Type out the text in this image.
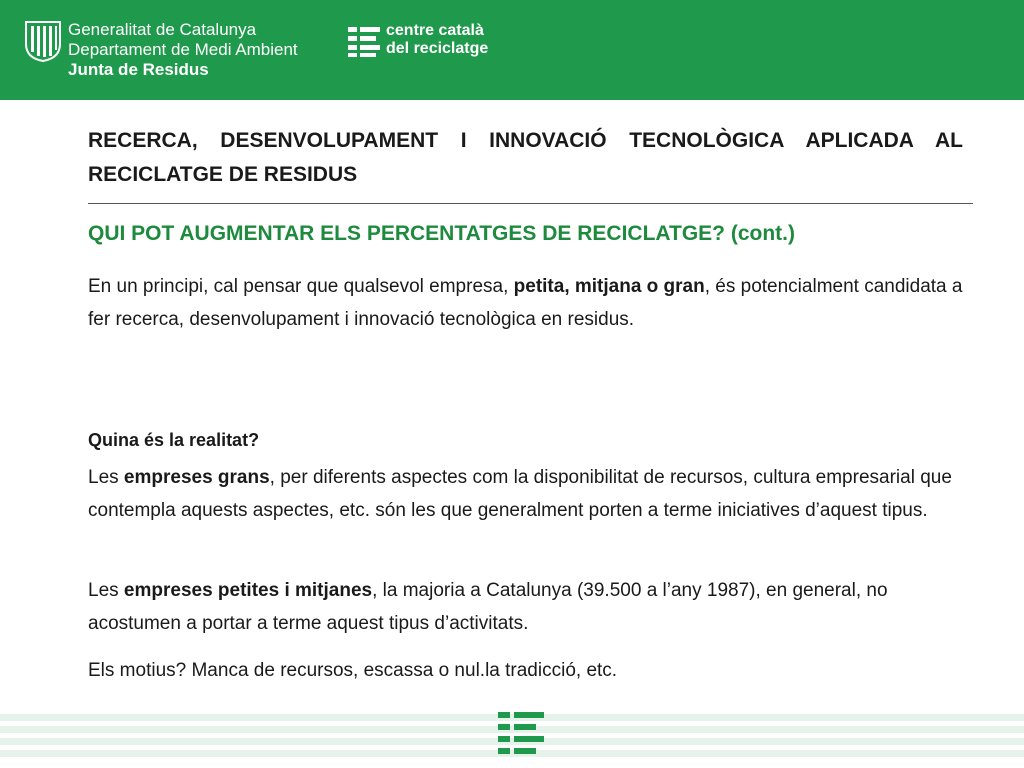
Generalitat de Catalunya
Departament de Medi Ambient
Junta de Residus
centre català
del reciclatge
RECERCA, DESENVOLUPAMENT I INNOVACIÓ TECNOLÒGICA APLICADA AL RECICLATGE DE RESIDUS
QUI POT AUGMENTAR ELS PERCENTATGES DE RECICLATGE? (cont.)

En un principi, cal pensar que qualsevol empresa, petita, mitjana o gran, és potencialment candidata a fer recerca, desenvolupament i innovació tecnològica en residus.

Quina és la realitat?

Les empreses grans, per diferents aspectes com la disponibilitat de recursos, cultura empresarial que contempla aquests aspectes, etc. són les que generalment porten a terme iniciatives d’aquest tipus.

Les empreses petites i mitjanes, la majoria a Catalunya (39.500 a l’any 1987), en general, no acostumen a portar a terme aquest tipus d’activitats.

Els motius? Manca de recursos, escassa o nul.la tradicció, etc.
